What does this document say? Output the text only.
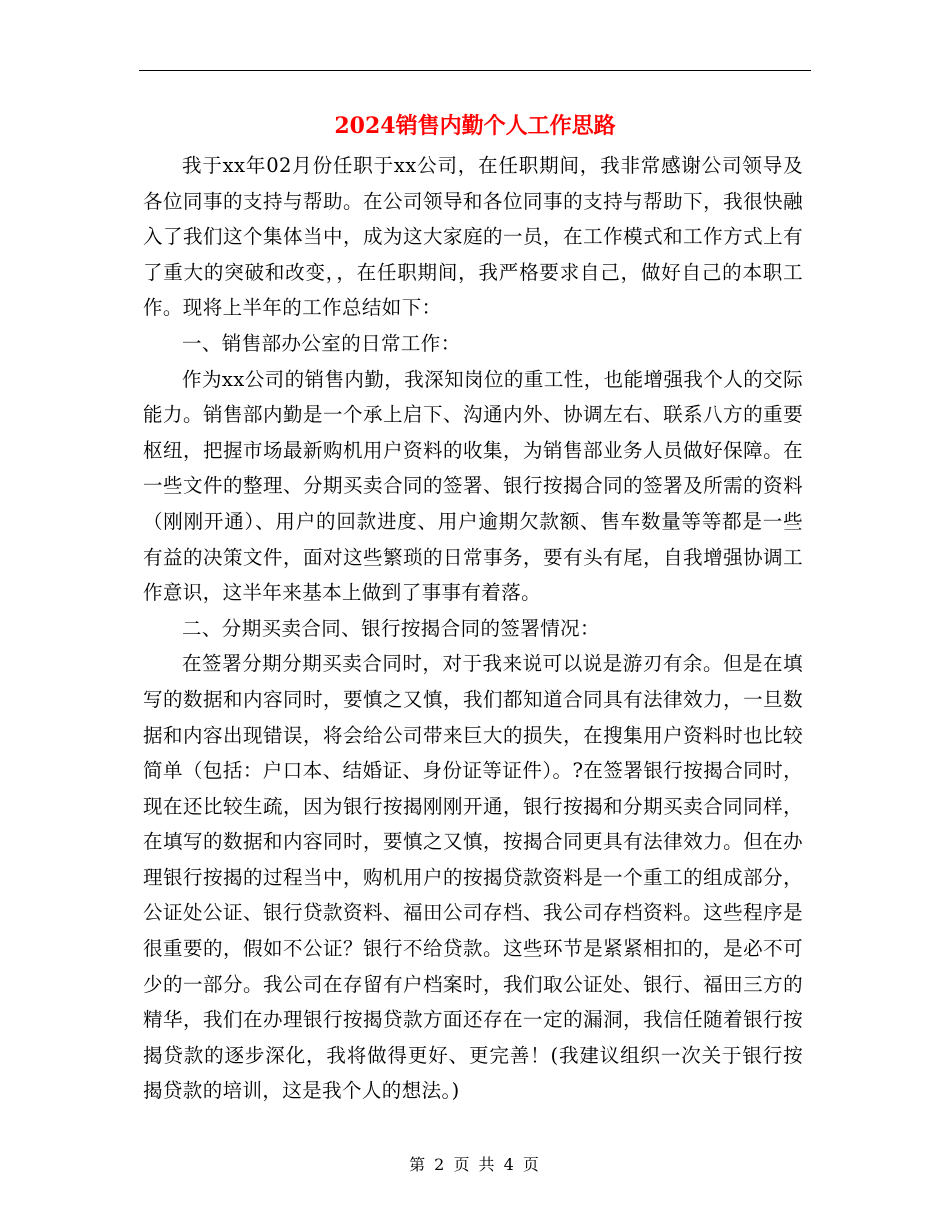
2024销售内勤个人工作思路

我于xx年02月份任职于xx公司，在任职期间，我非常感谢公司领导及各位同事的支持与帮助。在公司领导和各位同事的支持与帮助下，我很快融入了我们这个集体当中，成为这大家庭的一员，在工作模式和工作方式上有了重大的突破和改变，，在任职期间，我严格要求自己，做好自己的本职工作。现将上半年的工作总结如下：

一、销售部办公室的日常工作：

作为xx公司的销售内勤，我深知岗位的重工性，也能增强我个人的交际能力。销售部内勤是一个承上启下、沟通内外、协调左右、联系八方的重要枢纽，把握市场最新购机用户资料的收集，为销售部业务人员做好保障。在一些文件的整理、分期买卖合同的签署、银行按揭合同的签署及所需的资料（刚刚开通）、用户的回款进度、用户逾期欠款额、售车数量等等都是一些有益的决策文件，面对这些繁琐的日常事务，要有头有尾，自我增强协调工作意识，这半年来基本上做到了事事有着落。

二、分期买卖合同、银行按揭合同的签署情况：

在签署分期分期买卖合同时，对于我来说可以说是游刃有余。但是在填写的数据和内容同时，要慎之又慎，我们都知道合同具有法律效力，一旦数据和内容出现错误，将会给公司带来巨大的损失，在搜集用户资料时也比较简单（包括：户口本、结婚证、身份证等证件）。?在签署银行按揭合同时，现在还比较生疏，因为银行按揭刚刚开通，银行按揭和分期买卖合同同样，在填写的数据和内容同时，要慎之又慎，按揭合同更具有法律效力。但在办理银行按揭的过程当中，购机用户的按揭贷款资料是一个重工的组成部分，公证处公证、银行贷款资料、福田公司存档、我公司存档资料。这些程序是很重要的，假如不公证？银行不给贷款。这些环节是紧紧相扣的，是必不可少的一部分。我公司在存留有户档案时，我们取公证处、银行、福田三方的精华，我们在办理银行按揭贷款方面还存在一定的漏洞，我信任随着银行按揭贷款的逐步深化，我将做得更好、更完善！(我建议组织一次关于银行按揭贷款的培训，这是我个人的想法。)

第 2 页 共 4 页
